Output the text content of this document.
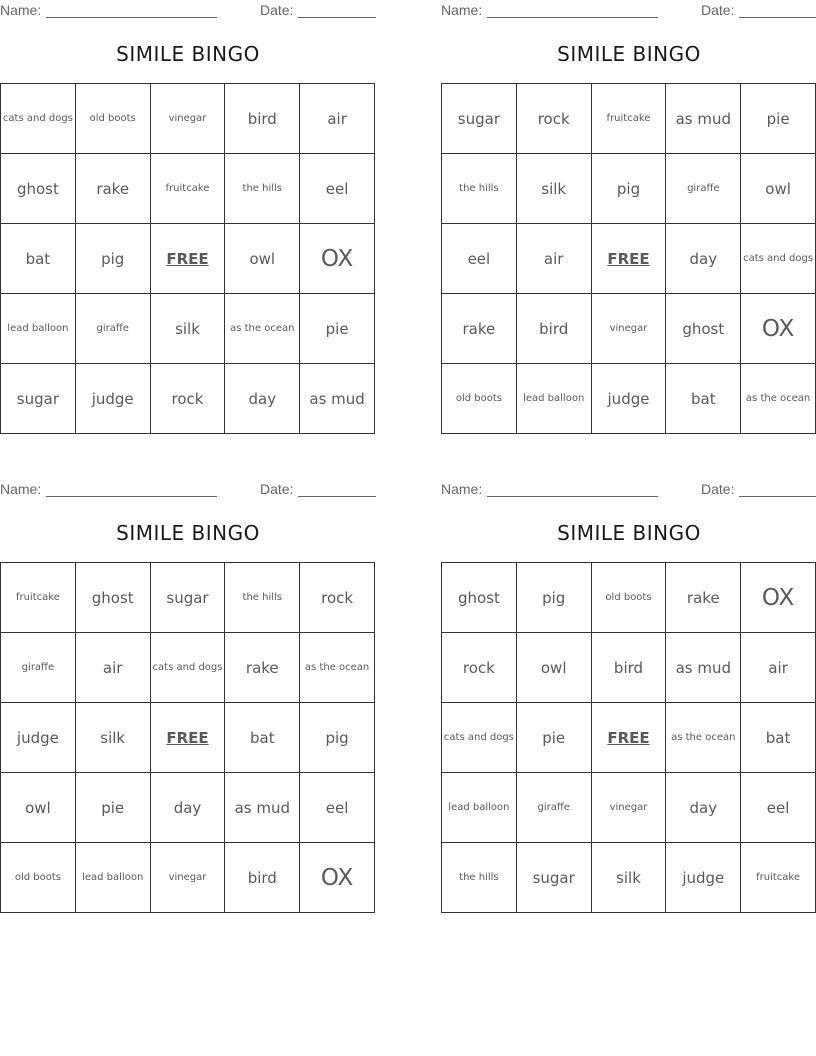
Name:	Date:
SIMILE BINGO
cats and dogs	old boots	vinegar	bird	air
ghost	rake	fruitcake	the hills	eel
bat	pig	FREE	owl	OX
lead balloon	giraffe	silk	as the ocean	pie
sugar	judge	rock	day	as mud
Name:	Date:
SIMILE BINGO
sugar	rock	fruitcake	as mud	pie
the hills	silk	pig	giraffe	owl
eel	air	FREE	day	cats and dogs
rake	bird	vinegar	ghost	OX
old boots	lead balloon	judge	bat	as the ocean
Name:	Date:
SIMILE BINGO
fruitcake	ghost	sugar	the hills	rock
giraffe	air	cats and dogs	rake	as the ocean
judge	silk	FREE	bat	pig
owl	pie	day	as mud	eel
old boots	lead balloon	vinegar	bird	OX
Name:	Date:
SIMILE BINGO
ghost	pig	old boots	rake	OX
rock	owl	bird	as mud	air
cats and dogs	pie	FREE	as the ocean	bat
lead balloon	giraffe	vinegar	day	eel
the hills	sugar	silk	judge	fruitcake
